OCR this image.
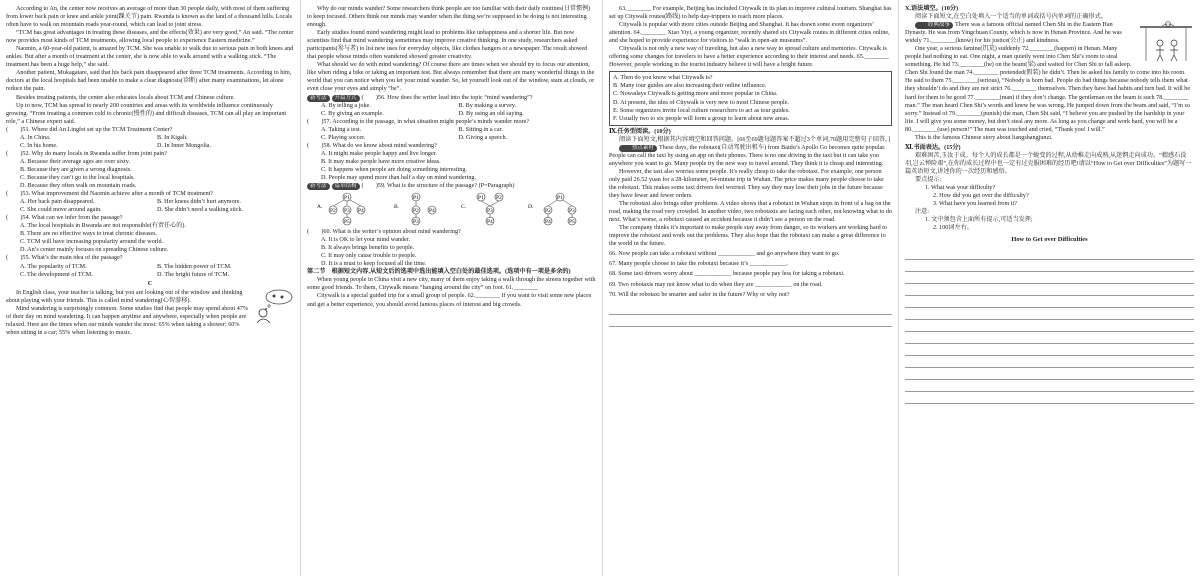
According to An, the center now receives an average of more than 30 people daily, with most of them suffering from lower back pain or knee and ankle joint(踝关节) pain. Rwanda is known as the land of a thousand hills. Locals often have to walk on mountain roads year-round, which can lead to joint stress.

“TCM has great advantages in treating these diseases, and the effects(效果) are very good,” An said. “The center now provides most kinds of TCM treatments, allowing local people to experience Eastern medicine.”

Naomin, a 60-year-old patient, is amazed by TCM. She was unable to walk due to serious pain in both knees and ankles. But after a month of treatment at the center, she is now able to walk around with a walking stick. “The treatment has been a huge help,” she said.

Another patient, Mukagatare, said that his back pain disappeared after three TCM treatments. According to him, doctors at the local hospitals had been unable to make a clear diagnosis(诊断) after many examinations, let alone reduce the pain.

Besides treating patients, the center also educates locals about TCM and Chinese culture.

Up to now, TCM has spread to nearly 200 countries and areas with its worldwide influence continuously growing. “From treating a common cold to chronic(慢性的) and difficult diseases, TCM can all play an important role,” a Chinese expert said.

(　　)51. Where did An Lingfei set up the TCM Treatment Center?

A. In China.	B. In Kigali.
C. In his home.	D. In Inner Mongolia.

(　　)52. Why do many locals in Rwanda suffer from joint pain?

A. Because their average ages are over sixty.
B. Because they are given a wrong diagnosis.
C. Because they can’t go to the local hospitals.
D. Because they often walk on mountain roads.

(　　)53. What improvement did Naomin achieve after a month of TCM treatment?

A. Her back pain disappeared.	B. Her knees didn’t hurt anymore.
C. She could move around again.	D. She didn’t need a walking stick.

(　　)54. What can we infer from the passage?

A. The local hospitals in Rwanda are not responsible(有责任心的).
B. There are no effective ways to treat chronic diseases.
C. TCM will have increasing popularity around the world.
D. An’s center mainly focuses on spreading Chinese culture.

(　　)55. What’s the main idea of the passage?

A. The popularity of TCM.	B. The hidden power of TCM.
C. The development of TCM.	D. The bright future of TCM.

C

In English class, your teacher is talking, but you are looking out of the window and thinking about playing with your friends. This is called mind wandering(心智游移).

Mind wandering is surprisingly common. Some studies find that people may spend about 47% of their day on mind wandering. It can happen anytime and anywhere, especially when people are relaxed. Here are the times when our minds wander the most: 65% when taking a shower; 60% when sitting in a car; 55% when listening to music.

Why do our minds wander? Some researchers think people are too familiar with their daily routines(日常惯例) to keep focused. Others think our minds may wander when the thing we’re supposed to be doing is not interesting enough.

Early studies found mind wandering might lead to problems like unhappiness and a shorter life. But now scientists find that mind wandering sometimes may improve creative thinking. In one study, researchers asked participants(参与者) to list new uses for everyday objects, like clothes hangers or a newspaper. The result showed that people whose minds often wandered showed greater creativity.

What should we do with mind wandering? Of course there are times when we should try to focus our attention, like when riding a bike or taking an important test. But always remember that there are many wonderful things in the world that you can notice when you let your mind wander. So, let yourself look out of the window, stare at clouds, or even close your eyes and simply “be”.

新考法 开篇方式 (　　)56. How does the writer lead into the topic “mind wandering”?

A. By telling a joke.	B. By making a survey.
C. By giving an example.	D. By using an old saying.

(　　)57. According to the passage, in what situation might people’s minds wander more?

A. Taking a test.	B. Sitting in a car.
C. Playing soccer.	D. Giving a speech.

(　　)58. What do we know about mind wandering?

A. It might make people happy and live longer.
B. It may make people have more creative ideas.
C. It happens when people are doing something interesting.
D. People may spend more than half a day on mind wandering.

新考法 篇章结构 (　　)59. What is the structure of the passage? (P=Paragraph)

A.
P1
P2 P3 P4
P5
B.
P1
P2
P3
P4
C.
P1 P2
P3
P4
D.
P1
P2	P3
P4	P5

(　　)60. What is the writer’s opinion about mind wandering?

A. It is OK to let your mind wander.
B. It always brings benefits to people.
C. It may only cause trouble to people.
D. It is a must to keep focused all the time.

第二节　根据短文内容,从短文后的选项中选出能填入空白处的最佳选项。(选项中有一项是多余的)

When young people in China visit a new city, many of them enjoy taking a walk through the streets together with some good friends. To them, Citywalk means “hanging around the city” on foot. 61.________

Citywalk is a special guided trip for a small group of people. 62.________ If you want to visit some new places and get a better experience, you should avoid famous places of interest and big crowds.

63.________ For example, Beijing has included Citywalk in its plan to improve cultural tourism. Shanghai has set up Citywalk routes(路线) to help day-trippers to reach more places.

Citywalk is popular with more cities outside Beijing and Shanghai. It has drawn some event organizers’ attention. 64.________ Xiao Yiyi, a young organizer, recently shared six Citywalk routes in different cities online, and she hoped to provide experience for visitors to “walk in open-air museums”.

Citywalk is not only a new way of traveling, but also a new way to spread culture and memories. Citywalk is offering some changes for travelers to have a better experience according to their interest and needs. 65.________ However, people working in the tourist industry believe it will have a bright future.

A. Then do you know what Citywalk is?

B. Many tour guides are also increasing their online influence.

C. Nowadays Citywalk is getting more and more popular in China.

D. At present, the idea of Citywalk is very new to most Chinese people.

E. Some organizers invite local culture researchers to act as tour guides.

F. Usually two to six people will form a group to learn about new areas.

Ⅸ.任务型阅读。(10分)

阅读下面短文,根据其内容填空和回答问题。[66至69题每题答案不超过3个单词,70题用完整句子回答。]

热点素材 These days, the robotaxi(自动驾驶出租车) from Baidu’s Apollo Go becomes quite popular. People can call the taxi by using an app on their phones. There is no one driving in the taxi but it can take you anywhere you want to go. Many people try the new way to travel around. They think it is cheap and interesting.

However, the taxi also worries some people. It’s really cheap to take the robotaxi. For example, one person only paid 26.52 yuan for a 28-kilometer, 64-minute trip in Wuhan. The price makes many people choose to take the robotaxi. This makes some taxi drivers feel worried. They say they may lose their jobs in the future because they have fewer and fewer orders.

The robotaxi also brings other problems. A video shows that a robotaxi in Wuhan stops in front of a bag on the road, making the road very crowded. In another video, two robotaxis are facing each other, not knowing what to do next. What’s worse, a robotaxi caused an accident because it didn’t see a person on the road.

The company thinks it’s important to make people stay away from danger, so its workers are working hard to improve the robotaxi and work out the problems. They also hope that the robotaxi can make a great difference to the world in the future.

66. Now people can take a robotaxi without ____________ and go anywhere they want to go.

67. Many people choose to take the robotaxi because it’s ____________.

68. Some taxi drivers worry about ____________ because people pay less for taking a robotaxi.

69. Two robotaxis may not know what to do when they are ____________ on the road.

70. Will the robotaxi be smarter and safer in the future? Why or why not?

X.语法填空。(10分)

阅读下面短文,在空白处填入一个适当的单词或括号内单词的正确形式。

经典故事 There was a famous official named Chen Shi in the Eastern Han Dynasty. He was from Yingchuan County, which is now in Henan Province. And he was widely 71.________(know) for his justice(公正) and kindness.

One year, a serious famine(饥荒) suddenly 72.________(happen) in Henan. Many people had nothing to eat. One night, a man quietly went into Chen Shi’s room to steal something. He hid 73.________(he) on the beam(梁) and waited for Chen Shi to fall asleep. Chen Shi found the man 74.________ pretended(假装) he didn’t. Then he asked his family to come into his room. He said to them 75.________(serious), “Nobody is born bad. People do bad things because nobody tells them what they shouldn’t do and they are not strict 76.________ themselves. Then they have bad habits and turn bad. It will be hard for them to be good 77.________(man) if they don’t change. The gentleman on the beam is such 78.________ man.” The man heard Chen Shi’s words and knew he was wrong. He jumped down from the beam and said, “I’m so sorry.” Instead of 79.________(punish) the man, Chen Shi said, “I believe you are pushed by the hardship in your life. I will give you some money, but don’t steal any more. As long as you change and work hard, you will be a 80.________(use) person!” The man was touched and cried, “Thank you! I will.”

This is the famous Chinese story about liangshangjunzi.

Ⅺ.书面表达。(15分)

艰难困苦,玉汝于成。每个人的成长都是一个蜕变的过程,从幼稚走向成熟,从迷惘走向成功。“精感石没羽,岂云惮险艰”,在你的成长过程中也一定有过克服困难的经历吧!请以“How to Get over Difficulties”为题写一篇英语短文,讲述你的一次经历和感悟。

要点提示:

1. What was your difficulty?

2. How did you get over the difficulty?

3. What have you learned from it?

注意:

1. 文中须包含上面所有提示,可适当发挥;

2. 100词左右。

How to Get over Difficulties
